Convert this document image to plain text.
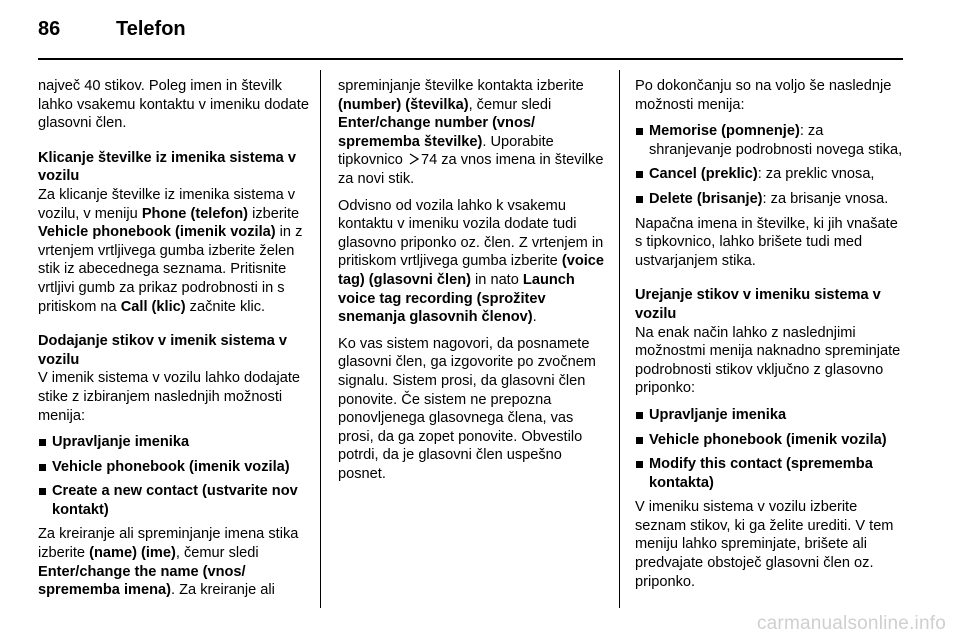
86	Telefon

največ 40 stikov. Poleg imen in številk lahko vsakemu kontaktu v imeniku dodate glasovni člen.

Klicanje številke iz imenika sistema v vozilu

Za klicanje številke iz imenika sistema v vozilu, v meniju Phone (telefon) izberite Vehicle phonebook (imenik vozila) in z vrtenjem vrtljivega gumba izberite želen stik iz abecednega seznama. Pritisnite vrtljivi gumb za prikaz podrobnosti in s pritiskom na Call (klic) začnite klic.

Dodajanje stikov v imenik sistema v vozilu

V imenik sistema v vozilu lahko dodajate stike z izbiranjem naslednjih možnosti menija:

Upravljanje imenika
Vehicle phonebook (imenik vozila)
Create a new contact (ustvarite nov kontakt)

Za kreiranje ali spreminjanje imena stika izberite (name) (ime), čemur sledi Enter/change the name (vnos/ sprememba imena). Za kreiranje ali

spreminjanje številke kontakta izberite (number) (številka), čemur sledi Enter/change number (vnos/ sprememba številke). Uporabite tipkovnico 74 za vnos imena in številke za novi stik.

Odvisno od vozila lahko k vsakemu kontaktu v imeniku vozila dodate tudi glasovno priponko oz. člen. Z vrtenjem in pritiskom vrtljivega gumba izberite (voice tag) (glasovni člen) in nato Launch voice tag recording (sprožitev snemanja glasovnih členov).

Ko vas sistem nagovori, da posnamete glasovni člen, ga izgovorite po zvočnem signalu. Sistem prosi, da glasovni člen ponovite. Če sistem ne prepozna ponovljenega glasovnega člena, vas prosi, da ga zopet ponovite. Obvestilo potrdi, da je glasovni člen uspešno posnet.

Po dokončanju so na voljo še naslednje možnosti menija:

Memorise (pomnenje): za shranjevanje podrobnosti novega stika,
Cancel (preklic): za preklic vnosa,
Delete (brisanje): za brisanje vnosa.

Napačna imena in številke, ki jih vnašate s tipkovnico, lahko brišete tudi med ustvarjanjem stika.

Urejanje stikov v imeniku sistema v vozilu

Na enak način lahko z naslednjimi možnostmi menija naknadno spreminjate podrobnosti stikov vključno z glasovno priponko:

Upravljanje imenika
Vehicle phonebook (imenik vozila)
Modify this contact (sprememba kontakta)

V imeniku sistema v vozilu izberite seznam stikov, ki ga želite urediti. V tem meniju lahko spreminjate, brišete ali predvajate obstoječ glasovni člen oz. priponko.

carmanualsonline.info
